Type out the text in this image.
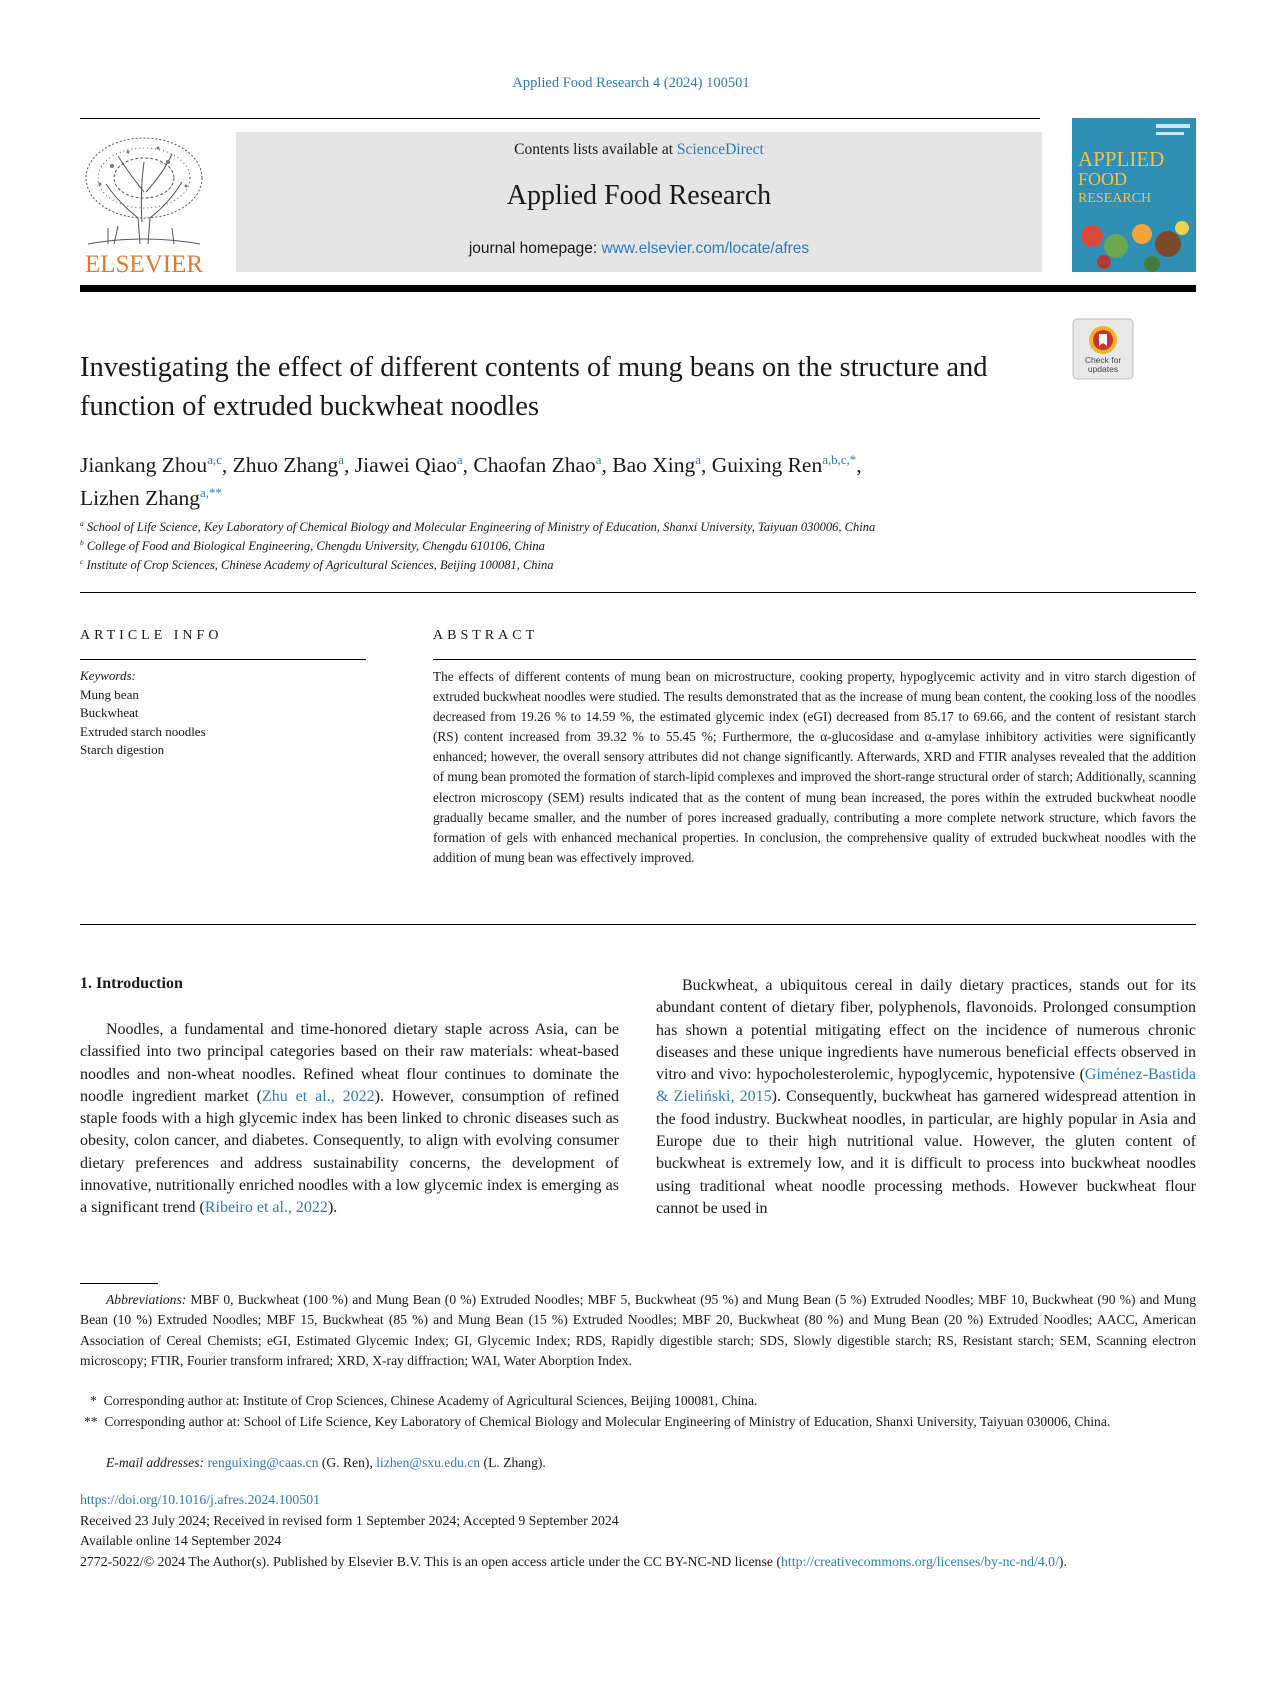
Applied Food Research 4 (2024) 100501
ELSEVIER
Contents lists available at ScienceDirect
Applied Food Research
journal homepage: www.elsevier.com/locate/afres
APPLIED
FOOD
RESEARCH
Investigating the effect of different contents of mung beans on the structure and function of extruded buckwheat noodles
Check for
updates
Jiankang Zhou$^{a,c}$, Zhuo Zhang$^a$, Jiawei Qiao$^a$, Chaofan Zhao$^a$, Bao Xing$^a$, Guixing Ren$^{a,b,c,*}$,
Lizhen Zhang$^{a,**}$
$^a$ School of Life Science, Key Laboratory of Chemical Biology and Molecular Engineering of Ministry of Education, Shanxi University, Taiyuan 030006, China
$^b$ College of Food and Biological Engineering, Chengdu University, Chengdu 610106, China
$^c$ Institute of Crop Sciences, Chinese Academy of Agricultural Sciences, Beijing 100081, China
ARTICLE INFO	ABSTRACT
Keywords:
Mung bean
Buckwheat
Extruded starch noodles
Starch digestion
The effects of different contents of mung bean on microstructure, cooking property, hypoglycemic activity and in vitro starch digestion of extruded buckwheat noodles were studied. The results demonstrated that as the increase of mung bean content, the cooking loss of the noodles decreased from 19.26 % to 14.59 %, the estimated glycemic index (eGI) decreased from 85.17 to 69.66, and the content of resistant starch (RS) content increased from 39.32 % to 55.45 %; Furthermore, the α-glucosidase and α-amylase inhibitory activities were significantly enhanced; however, the overall sensory attributes did not change significantly. Afterwards, XRD and FTIR analyses revealed that the addition of mung bean promoted the formation of starch-lipid complexes and improved the short-range structural order of starch; Additionally, scanning electron microscopy (SEM) results indicated that as the content of mung bean increased, the pores within the extruded buckwheat noodle gradually became smaller, and the number of pores increased gradually, contributing a more complete network structure, which favors the formation of gels with enhanced mechanical properties. In conclusion, the comprehensive quality of extruded buckwheat noodles with the addition of mung bean was effectively improved.
1. Introduction
Noodles, a fundamental and time-honored dietary staple across Asia, can be classified into two principal categories based on their raw materials: wheat-based noodles and non-wheat noodles. Refined wheat flour continues to dominate the noodle ingredient market (Zhu et al., 2022). However, consumption of refined staple foods with a high glycemic index has been linked to chronic diseases such as obesity, colon cancer, and diabetes. Consequently, to align with evolving consumer dietary preferences and address sustainability concerns, the development of innovative, nutritionally enriched noodles with a low glycemic index is emerging as a significant trend (Ribeiro et al., 2022).
Buckwheat, a ubiquitous cereal in daily dietary practices, stands out for its abundant content of dietary fiber, polyphenols, flavonoids. Prolonged consumption has shown a potential mitigating effect on the incidence of numerous chronic diseases and these unique ingredients have numerous beneficial effects observed in vitro and vivo: hypocholesterolemic, hypoglycemic, hypotensive (Giménez-Bastida & Zieliński, 2015). Consequently, buckwheat has garnered widespread attention in the food industry. Buckwheat noodles, in particular, are highly popular in Asia and Europe due to their high nutritional value. However, the gluten content of buckwheat is extremely low, and it is difficult to process into buckwheat noodles using traditional wheat noodle processing methods. However buckwheat flour cannot be used in
Abbreviations: MBF 0, Buckwheat (100 %) and Mung Bean (0 %) Extruded Noodles; MBF 5, Buckwheat (95 %) and Mung Bean (5 %) Extruded Noodles; MBF 10, Buckwheat (90 %) and Mung Bean (10 %) Extruded Noodles; MBF 15, Buckwheat (85 %) and Mung Bean (15 %) Extruded Noodles; MBF 20, Buckwheat (80 %) and Mung Bean (20 %) Extruded Noodles; AACC, American Association of Cereal Chemists; eGI, Estimated Glycemic Index; GI, Glycemic Index; RDS, Rapidly digestible starch; SDS, Slowly digestible starch; RS, Resistant starch; SEM, Scanning electron microscopy; FTIR, Fourier transform infrared; XRD, X-ray diffraction; WAI, Water Aborption Index.
* Corresponding author at: Institute of Crop Sciences, Chinese Academy of Agricultural Sciences, Beijing 100081, China.
** Corresponding author at: School of Life Science, Key Laboratory of Chemical Biology and Molecular Engineering of Ministry of Education, Shanxi University, Taiyuan 030006, China.
E-mail addresses: renguixing@caas.cn (G. Ren), lizhen@sxu.edu.cn (L. Zhang).
https://doi.org/10.1016/j.afres.2024.100501
Received 23 July 2024; Received in revised form 1 September 2024; Accepted 9 September 2024
Available online 14 September 2024
2772-5022/© 2024 The Author(s). Published by Elsevier B.V. This is an open access article under the CC BY-NC-ND license (http://creativecommons.org/licenses/by-nc-nd/4.0/).
